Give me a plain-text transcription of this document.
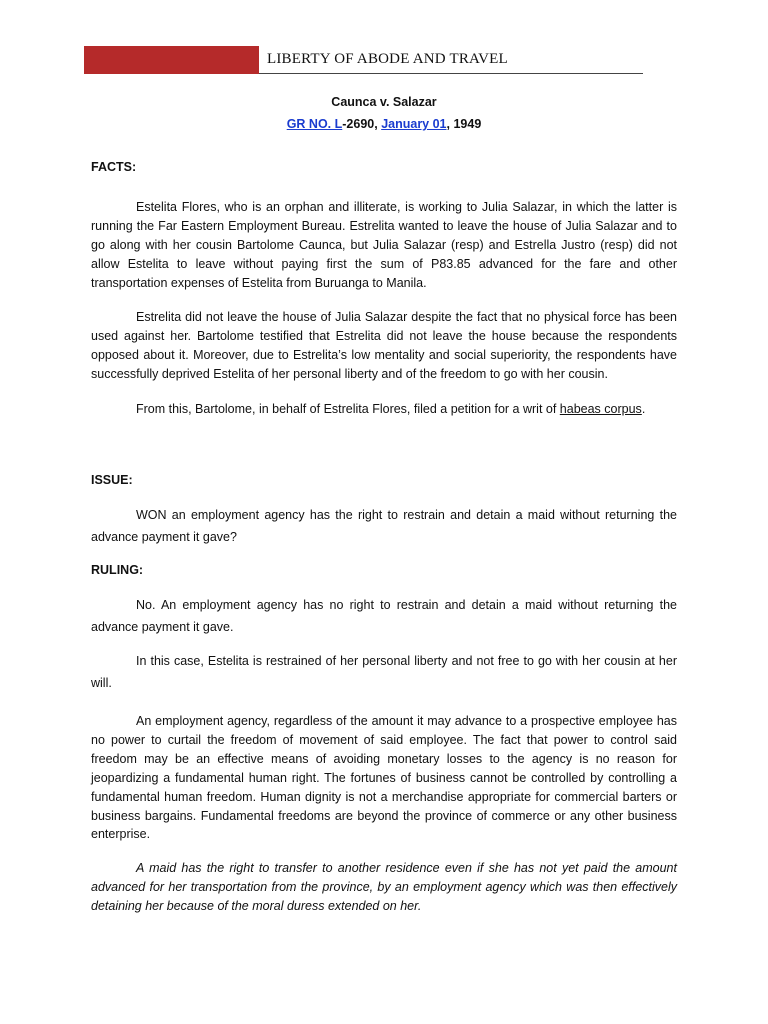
LIBERTY OF ABODE AND TRAVEL
Caunca v. Salazar
GR NO. L-2690, January 01, 1949
FACTS:

Estelita Flores, who is an orphan and illiterate, is working to Julia Salazar, in which the latter is running the Far Eastern Employment Bureau. Estrelita wanted to leave the house of Julia Salazar and to go along with her cousin Bartolome Caunca, but Julia Salazar (resp) and Estrella Justro (resp) did not allow Estelita to leave without paying first the sum of P83.85 advanced for the fare and other transportation expenses of Estelita from Buruanga to Manila.

Estrelita did not leave the house of Julia Salazar despite the fact that no physical force has been used against her. Bartolome testified that Estrelita did not leave the house because the respondents opposed about it. Moreover, due to Estrelita’s low mentality and social superiority, the respondents have successfully deprived Estelita of her personal liberty and of the freedom to go with her cousin.

From this, Bartolome, in behalf of Estrelita Flores, filed a petition for a writ of habeas corpus.

ISSUE:

WON an employment agency has the right to restrain and detain a maid without returning the advance payment it gave?

RULING:

No. An employment agency has no right to restrain and detain a maid without returning the advance payment it gave.

In this case, Estelita is restrained of her personal liberty and not free to go with her cousin at her will.

An employment agency, regardless of the amount it may advance to a prospective employee has no power to curtail the freedom of movement of said employee. The fact that power to control said freedom may be an effective means of avoiding monetary losses to the agency is no reason for jeopardizing a fundamental human right. The fortunes of business cannot be controlled by controlling a fundamental human freedom. Human dignity is not a merchandise appropriate for commercial barters or business bargains. Fundamental freedoms are beyond the province of commerce or any other business enterprise.

A maid has the right to transfer to another residence even if she has not yet paid the amount advanced for her transportation from the province, by an employment agency which was then effectively detaining her because of the moral duress extended on her.
